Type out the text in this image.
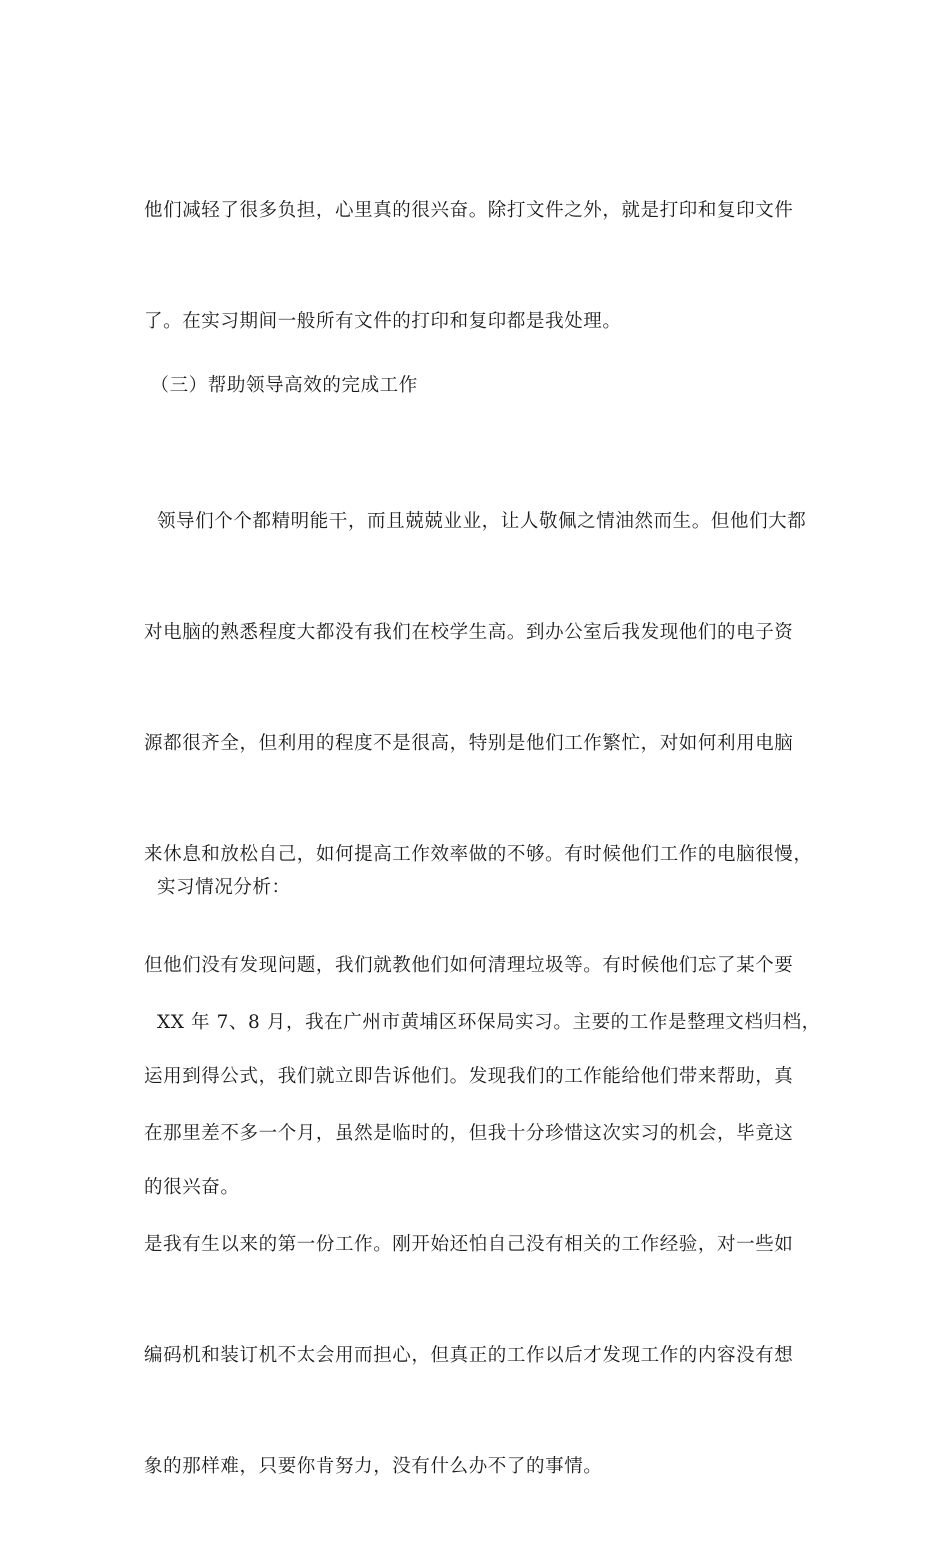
他们减轻了很多负担，心里真的很兴奋。除打文件之外，就是打印和复印文件

了。在实习期间一般所有文件的打印和复印都是我处理。

（三）帮助领导高效的完成工作

领导们个个都精明能干，而且兢兢业业，让人敬佩之情油然而生。但他们大都

对电脑的熟悉程度大都没有我们在校学生高。到办公室后我发现他们的电子资

源都很齐全，但利用的程度不是很高，特别是他们工作繁忙，对如何利用电脑

来休息和放松自己，如何提高工作效率做的不够。有时候他们工作的电脑很慢，

但他们没有发现问题，我们就教他们如何清理垃圾等。有时候他们忘了某个要

运用到得公式，我们就立即告诉他们。发现我们的工作能给他们带来帮助，真

的很兴奋。

实习情况分析：

XX 年 7、8 月，我在广州市黄埔区环保局实习。主要的工作是整理文档归档，

在那里差不多一个月，虽然是临时的，但我十分珍惜这次实习的机会，毕竟这

是我有生以来的第一份工作。刚开始还怕自己没有相关的工作经验，对一些如

编码机和装订机不太会用而担心，但真正的工作以后才发现工作的内容没有想

象的那样难，只要你肯努力，没有什么办不了的事情。
